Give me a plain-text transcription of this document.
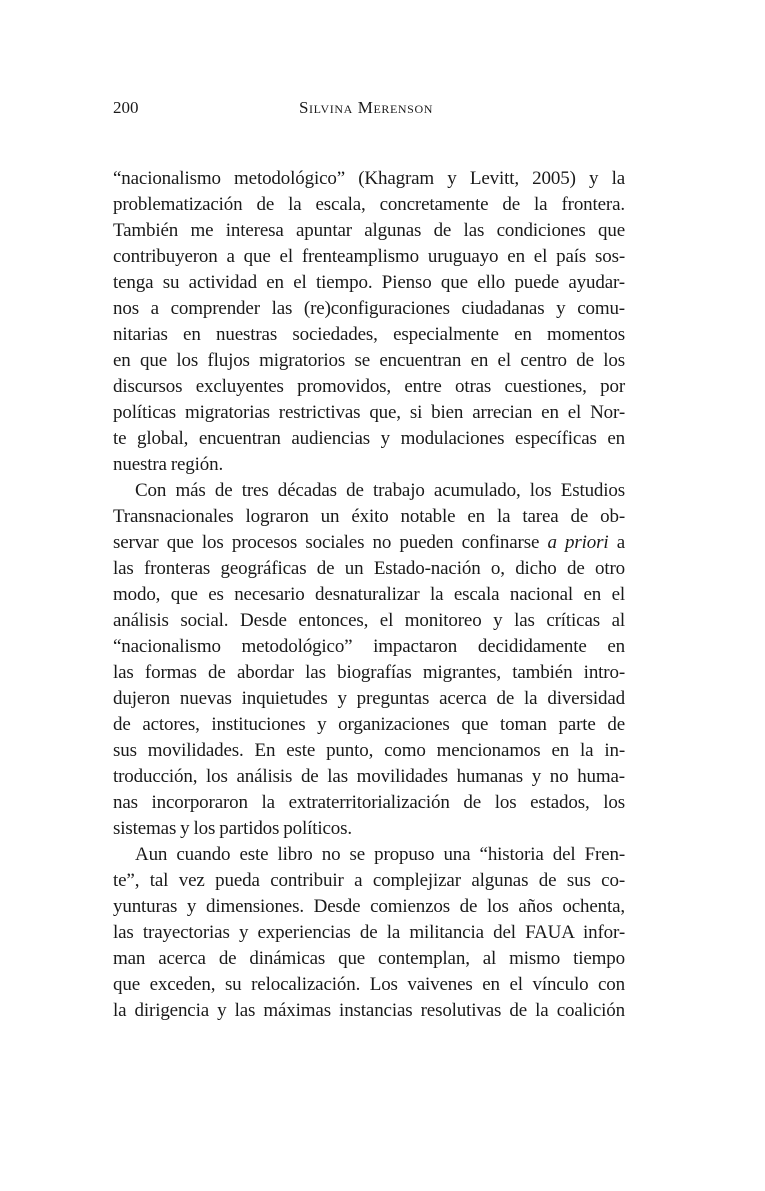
200	Silvina Merenson
“nacionalismo metodológico” (Khagram y Levitt, 2005) y la
problematización de la escala, concretamente de la frontera.
También me interesa apuntar algunas de las condiciones que
contribuyeron a que el frenteamplismo uruguayo en el país sos-
tenga su actividad en el tiempo. Pienso que ello puede ayudar-
nos a comprender las (re)configuraciones ciudadanas y comu-
nitarias en nuestras sociedades, especialmente en momentos
en que los flujos migratorios se encuentran en el centro de los
discursos excluyentes promovidos, entre otras cuestiones, por
políticas migratorias restrictivas que, si bien arrecian en el Nor-
te global, encuentran audiencias y modulaciones específicas en
nuestra región.
Con más de tres décadas de trabajo acumulado, los Estudios
Transnacionales lograron un éxito notable en la tarea de ob-
servar que los procesos sociales no pueden confinarse a priori a
las fronteras geográficas de un Estado-nación o, dicho de otro
modo, que es necesario desnaturalizar la escala nacional en el
análisis social. Desde entonces, el monitoreo y las críticas al
“nacionalismo metodológico” impactaron decididamente en
las formas de abordar las biografías migrantes, también intro-
dujeron nuevas inquietudes y preguntas acerca de la diversidad
de actores, instituciones y organizaciones que toman parte de
sus movilidades. En este punto, como mencionamos en la in-
troducción, los análisis de las movilidades humanas y no huma-
nas incorporaron la extraterritorialización de los estados, los
sistemas y los partidos políticos.
Aun cuando este libro no se propuso una “historia del Fren-
te”, tal vez pueda contribuir a complejizar algunas de sus co-
yunturas y dimensiones. Desde comienzos de los años ochenta,
las trayectorias y experiencias de la militancia del FAUA infor-
man acerca de dinámicas que contemplan, al mismo tiempo
que exceden, su relocalización. Los vaivenes en el vínculo con
la dirigencia y las máximas instancias resolutivas de la coalición
